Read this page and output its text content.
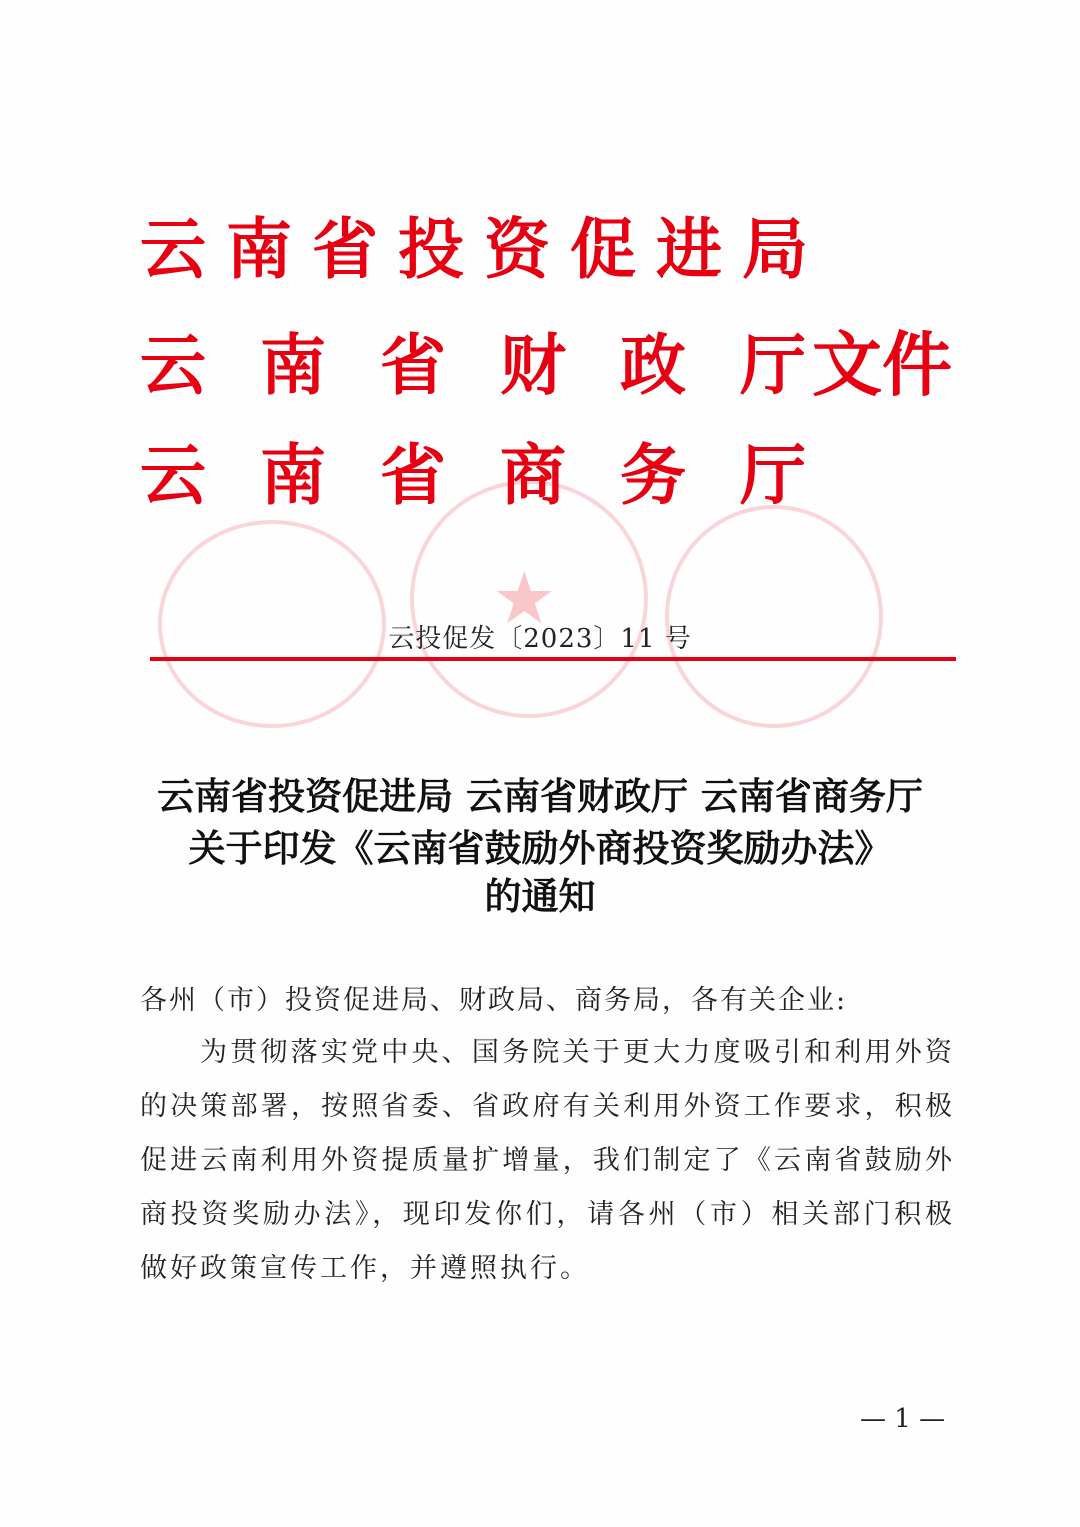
★
云 南 省 投 资 促 进 局
云 南 省 财 政 厅 文件
云 南 省 商 务 厅
云投促发〔2023〕11 号
云南省投资促进局 云南省财政厅 云南省商务厅
关于印发《云南省鼓励外商投资奖励办法》
的通知
各州（市）投资促进局、财政局、商务局，各有关企业:
为贯彻落实党中央、国务院关于更大力度吸引和利用外资的决策部署，按照省委、省政府有关利用外资工作要求，积极促进云南利用外资提质量扩增量，我们制定了《云南省鼓励外商投资奖励办法》，现印发你们，请各州（市）相关部门积极做好政策宣传工作，并遵照执行。
— 1 —
